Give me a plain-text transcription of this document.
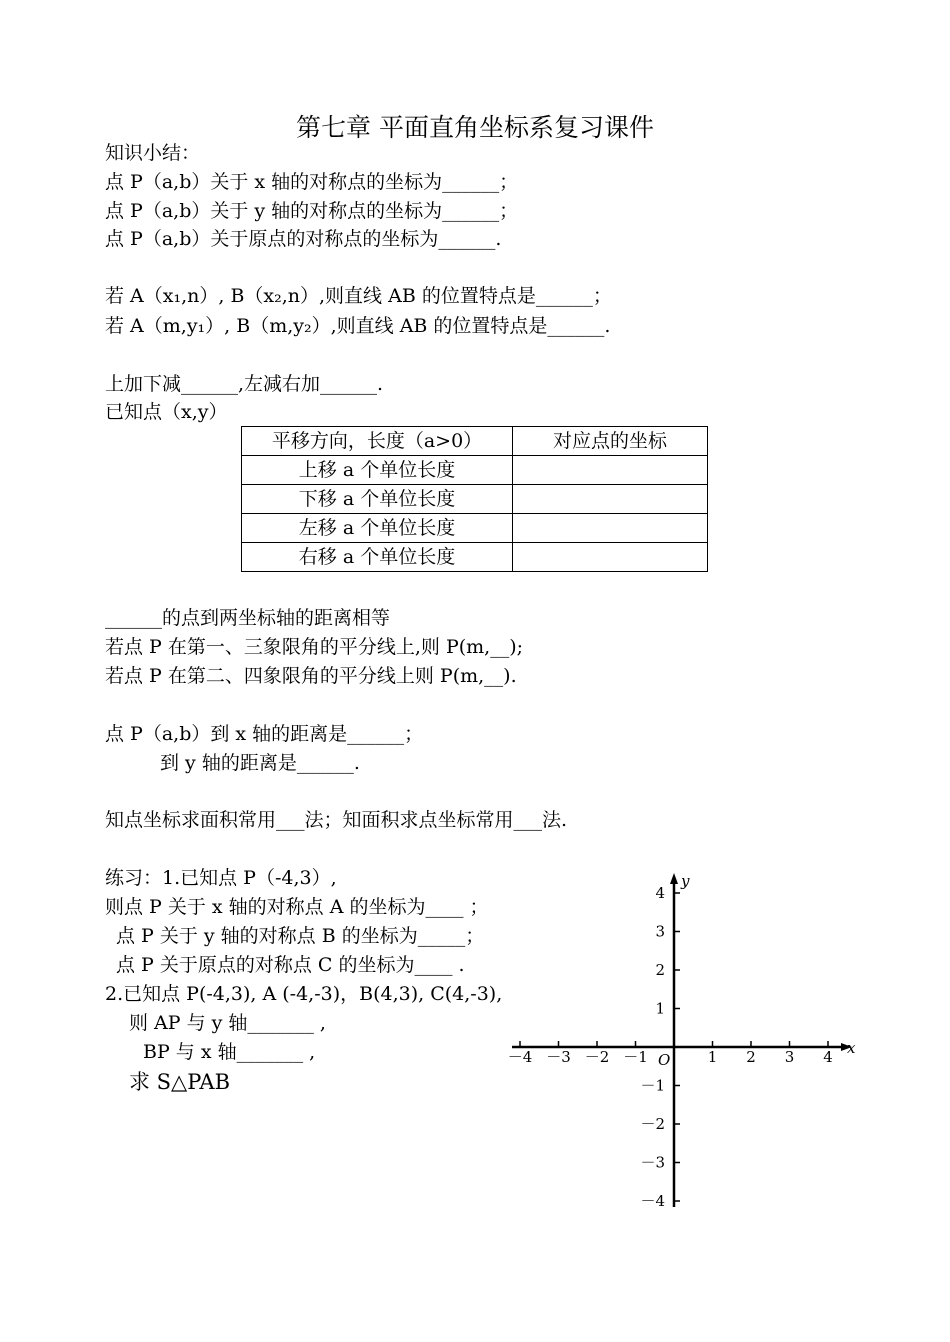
第七章 平面直角坐标系复习课件
知识小结：
点 P（a,b）关于 x 轴的对称点的坐标为______；
点 P（a,b）关于 y 轴的对称点的坐标为______；
点 P（a,b）关于原点的对称点的坐标为______.
若 A（x₁,n）, B（x₂,n）,则直线 AB 的位置特点是______；
若 A（m,y₁）, B（m,y₂）,则直线 AB 的位置特点是______.
上加下减______,左减右加______.
已知点（x,y）
平移方向，长度（a>0）	对应点的坐标
上移 a 个单位长度	
下移 a 个单位长度	
左移 a 个单位长度	
右移 a 个单位长度	
______的点到两坐标轴的距离相等
若点 P 在第一、三象限角的平分线上,则 P(m,__);
若点 P 在第二、四象限角的平分线上则 P(m,__).
点 P（a,b）到 x 轴的距离是______；
到 y 轴的距离是______.
知点坐标求面积常用___法；知面积求点坐标常用___法.
练习：1.已知点 P（-4,3）,
则点 P 关于 x 轴的对称点 A 的坐标为____ ；
点 P 关于 y 轴的对称点 B 的坐标为_____；
点 P 关于原点的对称点 C 的坐标为____ .
2.已知点 P(-4,3), A (-4,-3)，B(4,3), C(4,-3),
则 AP 与 y 轴_______ ,
BP 与 x 轴_______ ,
求 S△PAB
－4 －3 －2 －1	1 2 3 4
4
3
2
1
－1
－2
－3
－4
x
y
O
